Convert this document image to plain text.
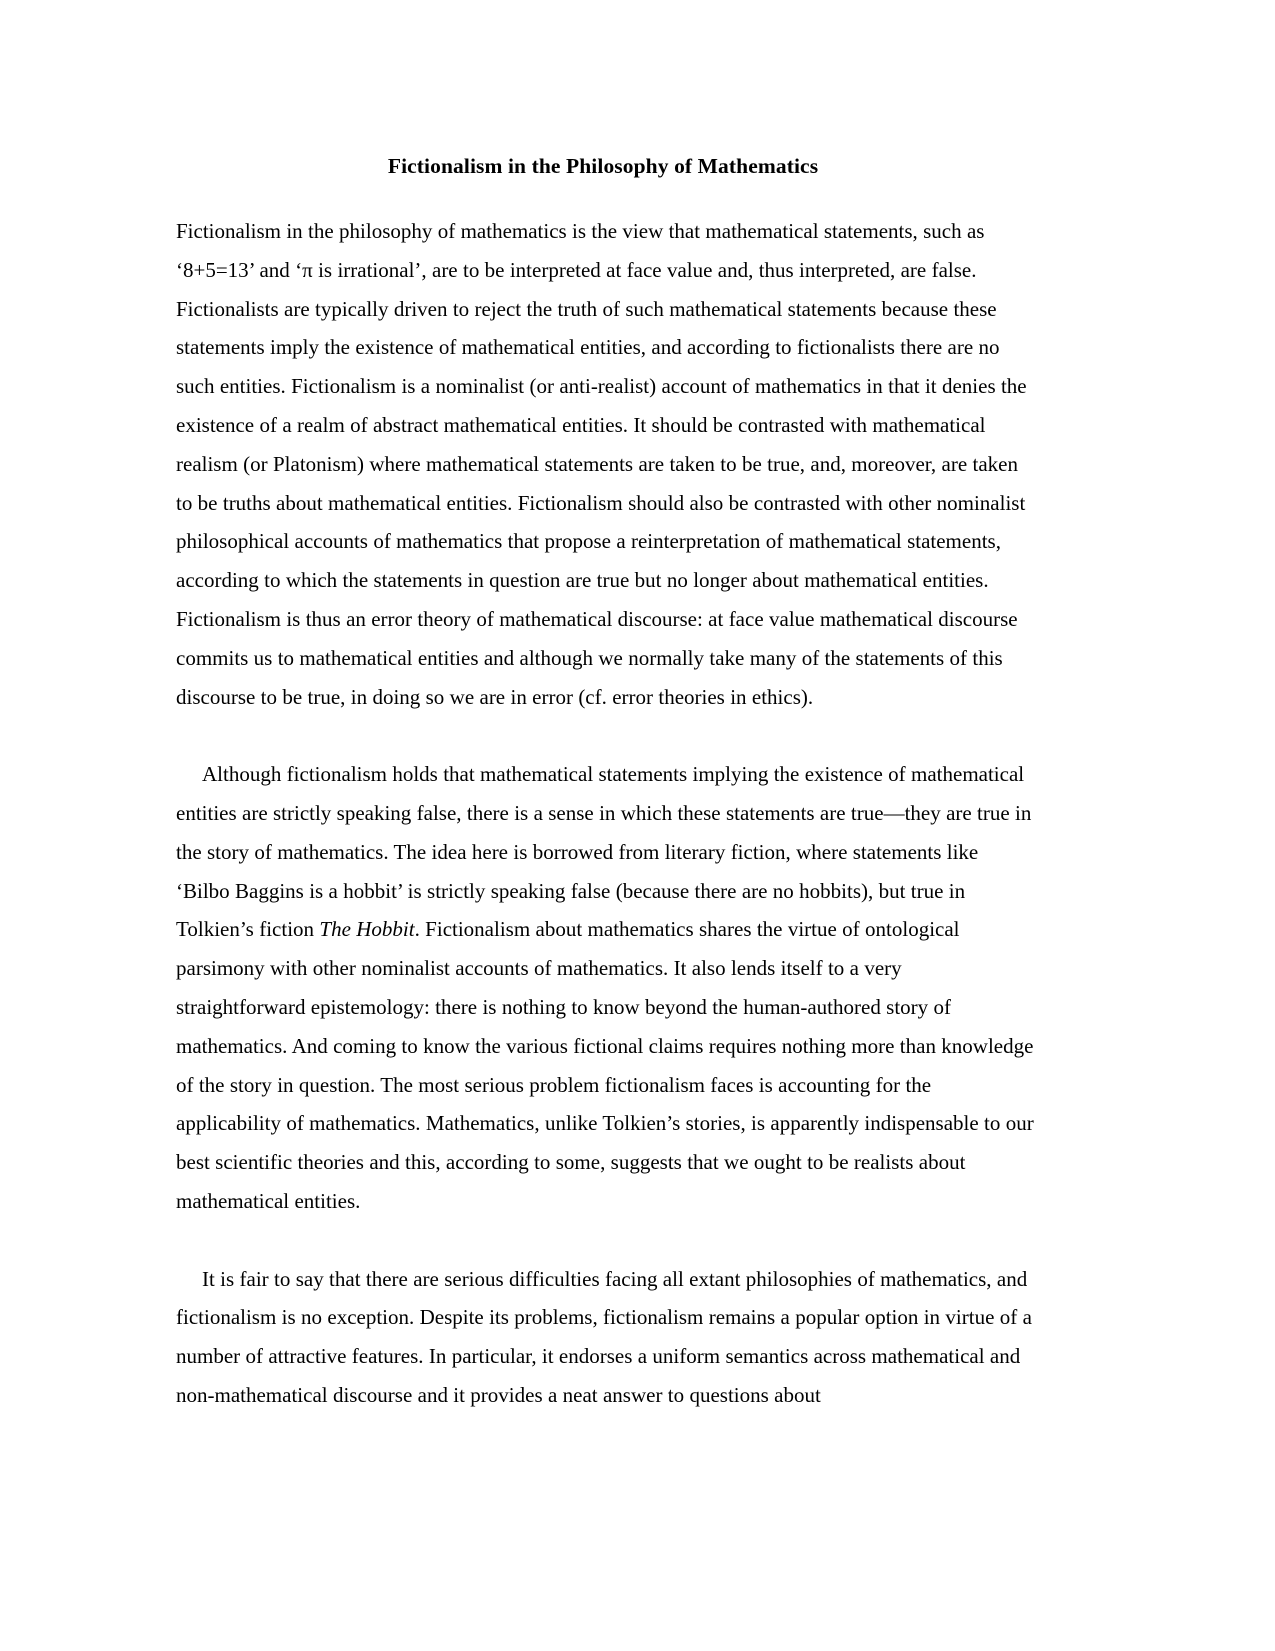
Fictionalism in the Philosophy of Mathematics

Fictionalism in the philosophy of mathematics is the view that mathematical statements, such as ‘8+5=13’ and ‘π is irrational’, are to be interpreted at face value and, thus interpreted, are false. Fictionalists are typically driven to reject the truth of such mathematical statements because these statements imply the existence of mathematical entities, and according to fictionalists there are no such entities. Fictionalism is a nominalist (or anti-realist) account of mathematics in that it denies the existence of a realm of abstract mathematical entities. It should be contrasted with mathematical realism (or Platonism) where mathematical statements are taken to be true, and, moreover, are taken to be truths about mathematical entities. Fictionalism should also be contrasted with other nominalist philosophical accounts of mathematics that propose a reinterpretation of mathematical statements, according to which the statements in question are true but no longer about mathematical entities. Fictionalism is thus an error theory of mathematical discourse: at face value mathematical discourse commits us to mathematical entities and although we normally take many of the statements of this discourse to be true, in doing so we are in error (cf. error theories in ethics).

Although fictionalism holds that mathematical statements implying the existence of mathematical entities are strictly speaking false, there is a sense in which these statements are true—they are true in the story of mathematics. The idea here is borrowed from literary fiction, where statements like ‘Bilbo Baggins is a hobbit’ is strictly speaking false (because there are no hobbits), but true in Tolkien’s fiction The Hobbit. Fictionalism about mathematics shares the virtue of ontological parsimony with other nominalist accounts of mathematics. It also lends itself to a very straightforward epistemology: there is nothing to know beyond the human-authored story of mathematics. And coming to know the various fictional claims requires nothing more than knowledge of the story in question. The most serious problem fictionalism faces is accounting for the applicability of mathematics. Mathematics, unlike Tolkien’s stories, is apparently indispensable to our best scientific theories and this, according to some, suggests that we ought to be realists about mathematical entities.

It is fair to say that there are serious difficulties facing all extant philosophies of mathematics, and fictionalism is no exception. Despite its problems, fictionalism remains a popular option in virtue of a number of attractive features. In particular, it endorses a uniform semantics across mathematical and non-mathematical discourse and it provides a neat answer to questions about
